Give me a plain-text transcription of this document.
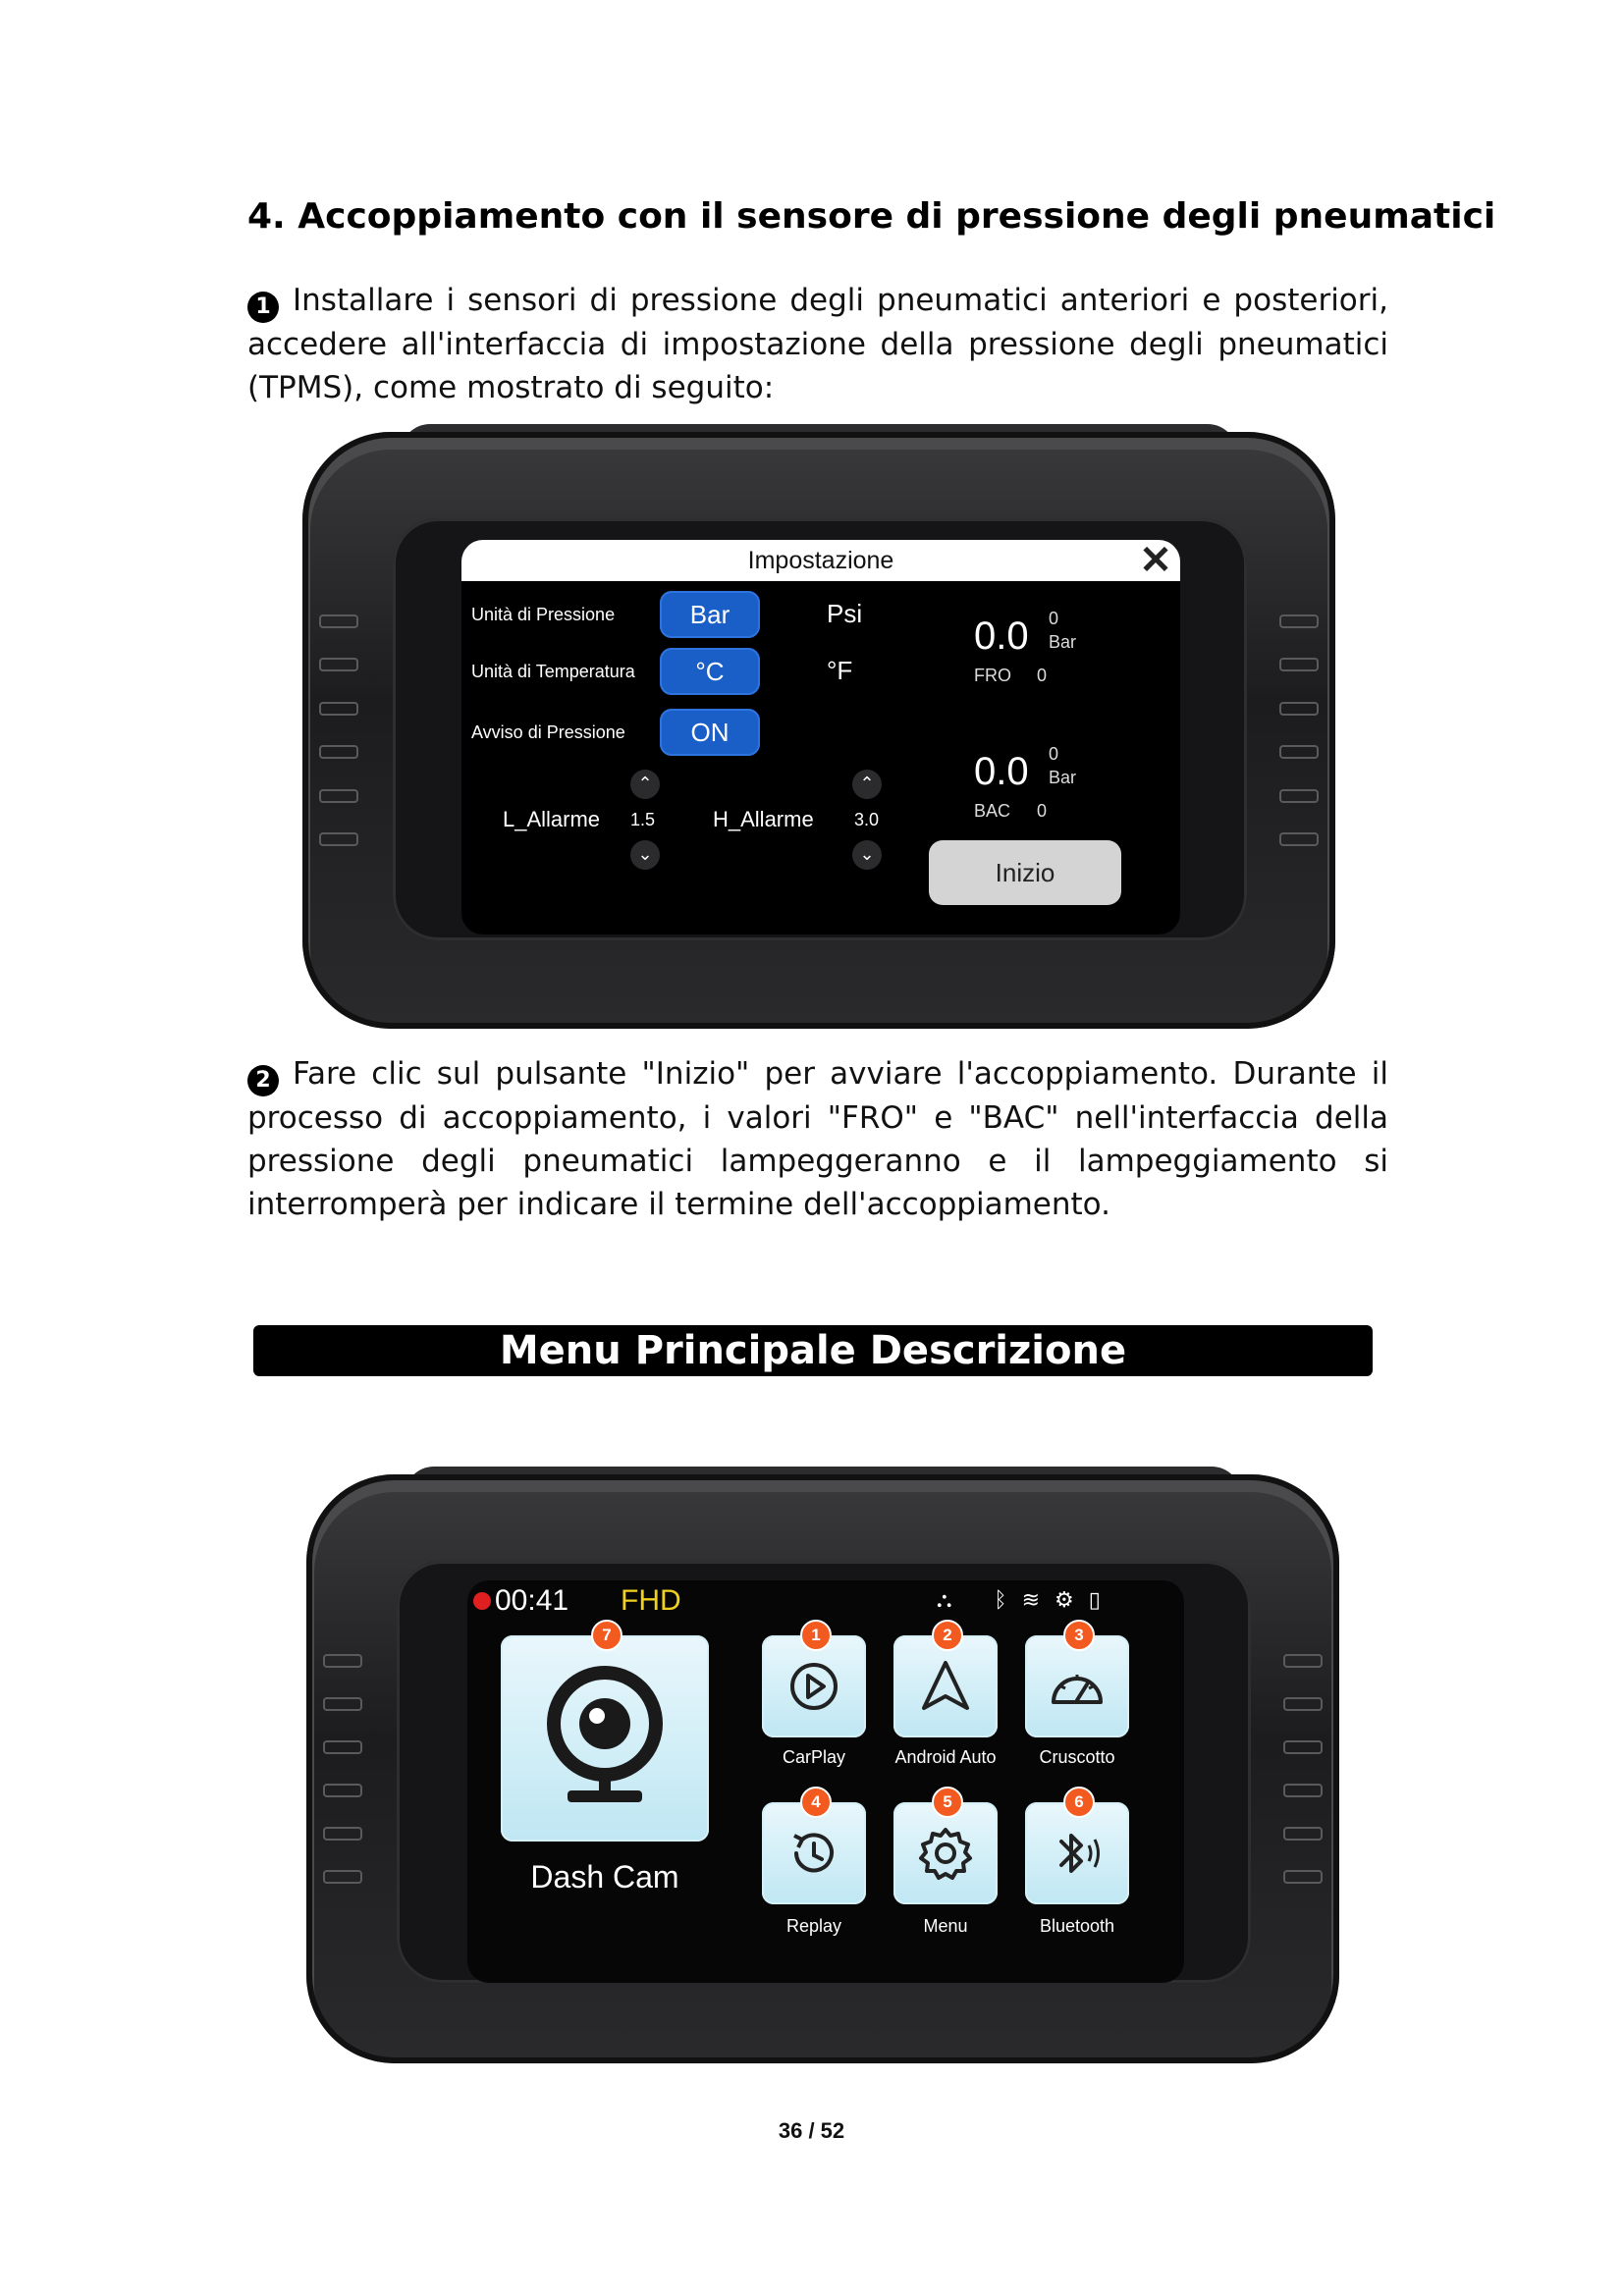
4. Accoppiamento con il sensore di pressione degli pneumatici
1 Installare i sensori di pressione degli pneumatici anteriori e posteriori, accedere all'interfaccia di impostazione della pressione degli pneumatici (TPMS), come mostrato di seguito:
Impostazione	✕
Unità di Pressione	Bar	Psi
Unità di Temperatura	°C	°F
Avviso di Pressione	ON
⌃
L_Allarme 1.5
⌄
⌃
H_Allarme 3.0
⌄
0.0 0
Bar
FRO 0
0.0 0
Bar
BAC 0
Inizio
2 Fare clic sul pulsante "Inizio" per avviare l'accoppiamento. Durante il processo di accoppiamento, i valori "FRO" e "BAC" nell'interfaccia della pressione degli pneumatici lampeggeranno e il lampeggiamento si interromperà per indicare il termine dell'accoppiamento.
Menu Principale Descrizione
00:41 FHD	⛬ ᛒ ≋ ⚙ ▯
7
Dash Cam
1
CarPlay
2
Android Auto
3
Cruscotto
4
Replay
5
Menu
6
Bluetooth
36 / 52
